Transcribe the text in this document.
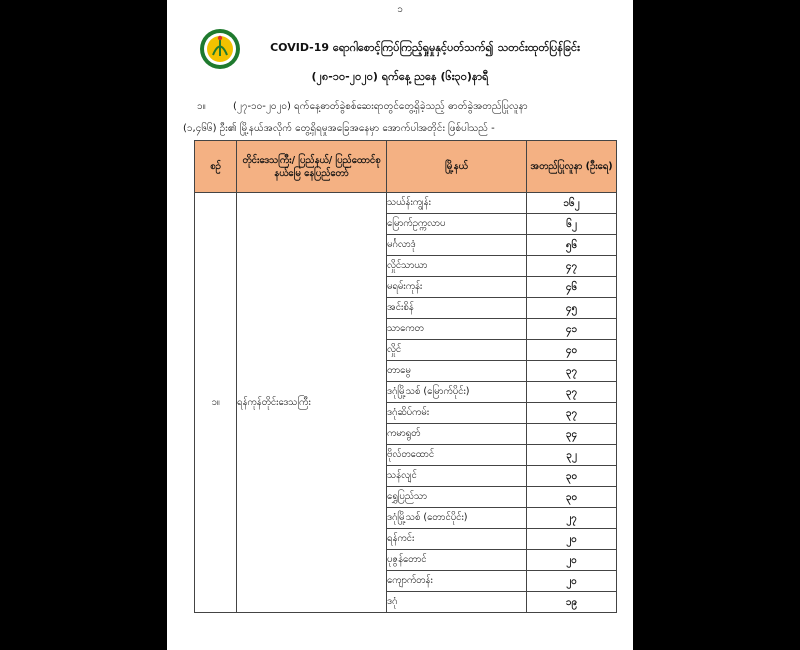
၁
COVID-19 ရောဂါစောင့်ကြပ်ကြည့်ရှုမှုနှင့်ပတ်သက်၍ သတင်းထုတ်ပြန်ခြင်း
(၂၈-၁၀-၂၀၂၀) ရက်နေ့ ညနေ (၆း၃၀)နာရီ

၁။	(၂၇-၁၀-၂၀၂၀) ရက်နေ့ဓာတ်ခွဲစစ်ဆေးရာတွင်တွေ့ရှိခဲ့သည့် ဓာတ်ခွဲအတည်ပြုလူနာ

(၁,၄၆၆) ဦး၏ မြို့နယ်အလိုက် တွေ့ရှိရမှုအခြေအနေမှာ အောက်ပါအတိုင်း ဖြစ်ပါသည် -

စဉ်	တိုင်းဒေသကြီး/ ပြည်နယ်/ ပြည်ထောင်စုနယ်မြေ နေပြည်တော်	မြို့နယ်	အတည်ပြုလူနာ (ဦးရေ)
၁။	ရန်ကုန်တိုင်းဒေသကြီး	သယ်န်းကျွန်း	၁၆၂
		မြောက်ဥက္ကလာပ	၆၂
		မင်္ဂလာဒုံ	၅၆
		လှိုင်သာယာ	၄၇
		မရမ်းကုန်း	၄၆
		အင်းစိန်	၄၅
		သာကေတ	၄၁
		လှိုင်	၄၀
		တာမွေ	၃၇
		ဒဂုံမြို့သစ် (မြောက်ပိုင်း)	၃၇
		ဒဂုံဆိပ်ကမ်း	၃၇
		ကမာရွတ်	၃၄
		ဗိုလ်တထောင်	၃၂
		သန်လျင်	၃၀
		ရွှေပြည်သာ	၃၀
		ဒဂုံမြို့သစ် (တောင်ပိုင်း)	၂၇
		ရန်ကင်း	၂၀
		ပုဇွန်တောင်	၂၀
		ကျောက်တန်း	၂၀
		ဒဂုံ	၁၉
